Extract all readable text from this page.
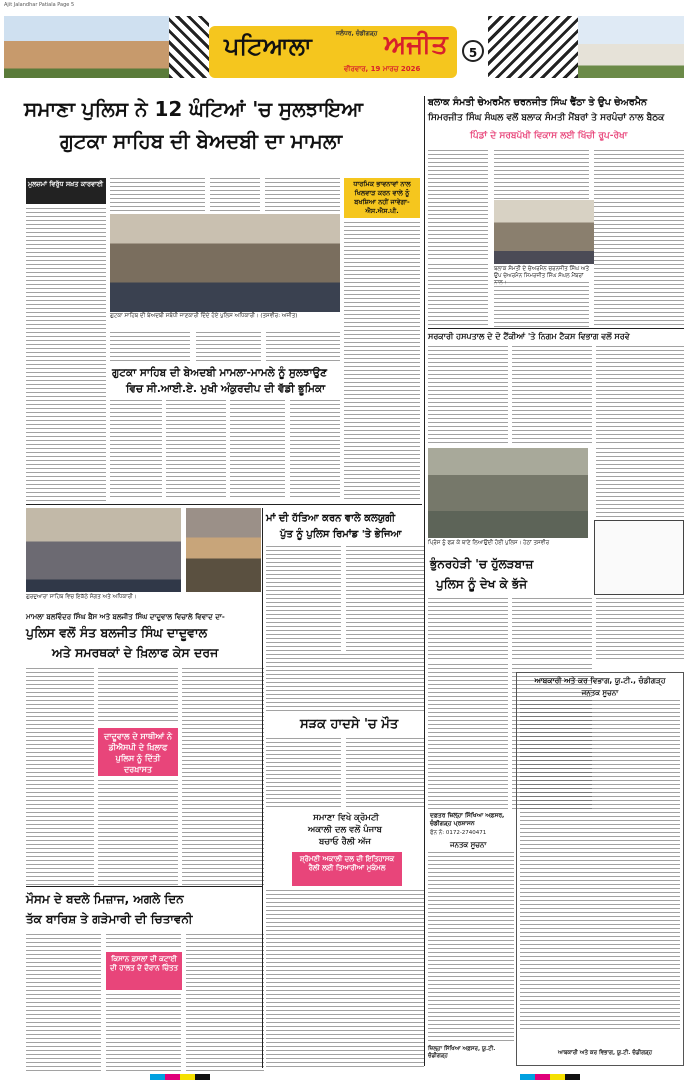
Ajit Jalandhar Patiala Page 5
ਪਟਿਆਲਾ	ਜਲੰਧਰ, ਚੰਡੀਗੜ੍ਹ ਅਜੀਤ
ਵੀਰਵਾਰ, 19 ਮਾਰਚ 2026
5
ਸਮਾਣਾ ਪੁਲਿਸ ਨੇ 12 ਘੰਟਿਆਂ 'ਚ ਸੁਲਝਾਇਆ
ਗੁਟਕਾ ਸਾਹਿਬ ਦੀ ਬੇਅਦਬੀ ਦਾ ਮਾਮਲਾ
ਮੁਲਜ਼ਮਾਂ ਵਿਰੁੱਧ ਸਖ਼ਤ ਕਾਰਵਾਈ
ਗੁਟਕਾ ਸਾਹਿਬ ਦੀ ਬੇਅਦਬੀ ਸਬੰਧੀ ਜਾਣਕਾਰੀ ਦਿੰਦੇ ਹੋਏ ਪੁਲਿਸ ਅਧਿਕਾਰੀ। (ਤਸਵੀਰ: ਅਜੀਤ)
ਧਾਰਮਿਕ ਭਾਵਨਾਵਾਂ ਨਾਲ ਖਿਲਵਾੜ ਕਰਨ ਵਾਲੇ ਨੂੰ ਬਖਸ਼ਿਆ ਨਹੀਂ ਜਾਵੇਗਾ-ਐਸ.ਐਸ.ਪੀ.
ਗੁਟਕਾ ਸਾਹਿਬ ਦੀ ਬੇਅਦਬੀ ਮਾਮਲਾ-ਮਾਮਲੇ ਨੂੰ ਸੁਲਝਾਉਣ
ਵਿਚ ਸੀ.ਆਈ.ਏ. ਮੁਖੀ ਅੰਕੁਰਦੀਪ ਦੀ ਵੱਡੀ ਭੂਮਿਕਾ
ਬਲਾਕ ਸੰਮਤੀ ਚੇਅਰਮੈਨ ਚਰਨਜੀਤ ਸਿੰਘ ਢੈਂਠਾ ਤੇ ਉਪ ਚੇਅਰਮੈਨ
ਸਿਮਰਜੀਤ ਸਿੰਘ ਸੰਘਲ ਵਲੋਂ ਬਲਾਕ ਸੰਮਤੀ ਮੈਂਬਰਾਂ ਤੇ ਸਰਪੰਚਾਂ ਨਾਲ ਬੈਠਕ
ਪਿੰਡਾਂ ਦੇ ਸਰਬਪੱਖੀ ਵਿਕਾਸ ਲਈ ਖਿੱਚੀ ਰੂਪ-ਰੇਖਾ
ਬਲਾਕ ਸੰਮਤੀ ਦੇ ਚੇਅਰਮੈਨ ਚਰਨਜੀਤ ਸਿੰਘ ਅਤੇ ਉਪ ਚੇਅਰਮੈਨ ਸਿਮਰਜੀਤ ਸਿੰਘ ਸੰਘਲ ਮੈਂਬਰਾਂ
ਸਰਕਾਰੀ ਹਸਪਤਾਲ ਦੇ ਦੋ ਟੈਂਕੀਆਂ 'ਤੇ ਨਿਗਮ ਟੈਕਸ ਵਿਭਾਗ ਵਲੋਂ ਸਰਵੇ
ਪ੍ਰਿੰਸ ਨੂੰ ਫੜ ਕੇ ਥਾਣੇ ਲਿਆਉਂਦੀ ਹੋਈ ਪੁਲਿਸ। ਹੇਠਾਂ ਤਸਵੀਰ
ਗੁਰਦੁਆਰਾ ਸਾਹਿਬ ਵਿਚ ਇਕੱਠੇ ਸੰਗਤ ਅਤੇ ਅਧਿਕਾਰੀ।
ਮਾਂ ਦੀ ਹੱਤਿਆ ਕਰਨ ਵਾਲੇ ਕਲਯੁਗੀ
ਪੁੱਤ ਨੂੰ ਪੁਲਿਸ ਰਿਮਾਂਡ 'ਤੇ ਭੇਜਿਆ
ਭੁੰਨਰਹੇੜੀ 'ਚ ਹੁੱਲੜਬਾਜ਼
ਪੁਲਿਸ ਨੂੰ ਦੇਖ ਕੇ ਭੱਜੇ
ਮਾਮਲਾ ਬਲਵਿੰਦਰ ਸਿੰਘ ਬੈਂਸ ਅਤੇ ਬਲਜੀਤ ਸਿੰਘ ਦਾਦੂਵਾਲ ਵਿਚਾਲੇ ਵਿਵਾਦ ਦਾ-
ਪੁਲਿਸ ਵਲੋਂ ਸੰਤ ਬਲਜੀਤ ਸਿੰਘ ਦਾਦੂਵਾਲ
ਅਤੇ ਸਮਰਥਕਾਂ ਦੇ ਖ਼ਿਲਾਫ ਕੇਸ ਦਰਜ
ਦਾਦੂਵਾਲ ਦੇ ਸਾਥੀਆਂ ਨੇ ਡੀਐਸਪੀ ਦੇ ਖ਼ਿਲਾਫ ਪੁਲਿਸ ਨੂੰ ਦਿੱਤੀ ਦਰਖ਼ਾਸਤ
ਸੜਕ ਹਾਦਸੇ 'ਚ ਮੌਤ
ਸਮਾਣਾ ਵਿਖੇ ਕ੍ਰੋਮਟੀ
ਅਕਾਲੀ ਦਲ ਵਲੋਂ ਪੰਜਾਬ
ਬਚਾਓ ਰੈਲੀ ਅੱਜ
ਸ਼੍ਰੋਮਣੀ ਅਕਾਲੀ ਦਲ ਦੀ ਇਤਿਹਾਸਕ ਰੈਲੀ ਲਈ ਤਿਆਰੀਆਂ ਮੁਕੰਮਲ
ਮੌਸਮ ਦੇ ਬਦਲੇ ਮਿਜ਼ਾਜ, ਅਗਲੇ ਦਿਨ
ਤੱਕ ਬਾਰਿਸ਼ ਤੇ ਗੜੇਮਾਰੀ ਦੀ ਚਿਤਾਵਨੀ
ਕਿਸਾਨ ਫ਼ਸਲਾਂ ਦੀ ਕਟਾਈ ਦੀ ਹਾਲਤ ਦੇ ਦੌਰਾਨ ਚਿੰਤਤ
ਆਬਕਾਰੀ ਅਤੇ ਕਰ ਵਿਭਾਗ, ਯੂ.ਟੀ., ਚੰਡੀਗੜ੍ਹ
ਜਨਤਕ ਸੂਚਨਾ
ਆਬਕਾਰੀ ਅਤੇ ਕਰ ਵਿਭਾਗ, ਯੂ.ਟੀ. ਚੰਡੀਗੜ੍ਹ
ਦਫ਼ਤਰ ਜ਼ਿਲ੍ਹਾ ਸਿੱਖਿਆ ਅਫ਼ਸਰ, ਚੰਡੀਗੜ੍ਹ ਪ੍ਰਸ਼ਾਸਨ
ਫੋਨ ਨੰ: 0172-2740471
ਜਨਤਕ ਸੂਚਨਾ
ਜ਼ਿਲ੍ਹਾ ਸਿੱਖਿਆ ਅਫ਼ਸਰ, ਯੂ.ਟੀ. ਚੰਡੀਗੜ੍ਹ
